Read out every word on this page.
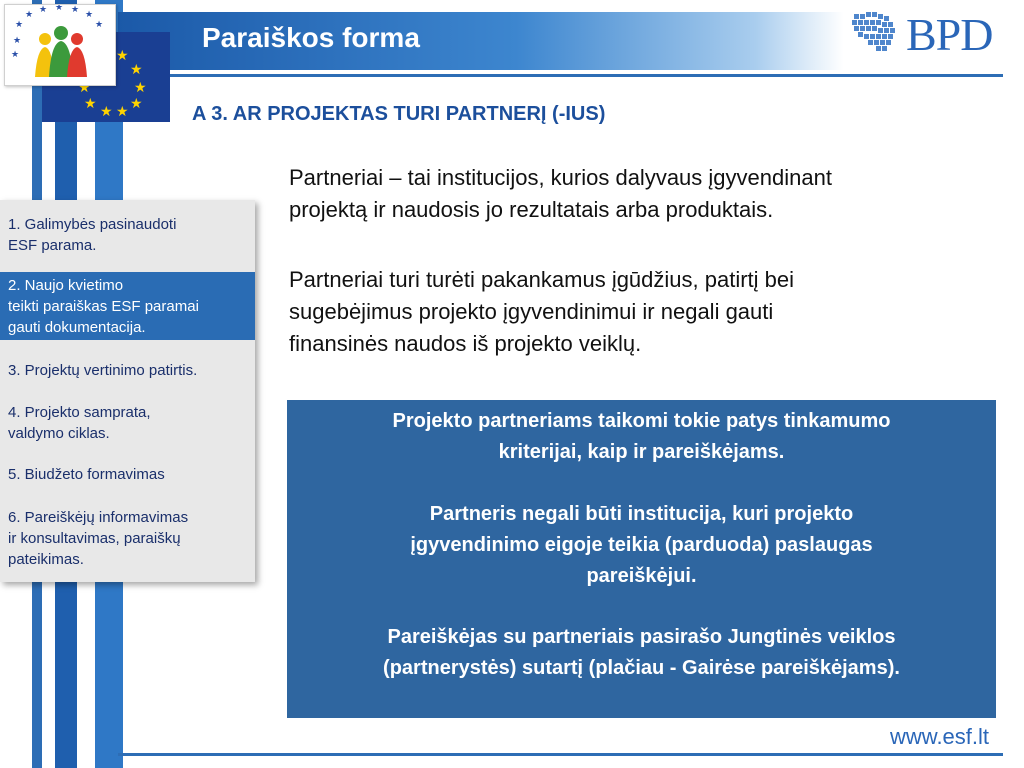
Paraiškos forma
★
★
★
★
★
★
★
★
★ ★ ★ ★ ★
★
★
★	BPD
A 3. AR PROJEKTAS TURI PARTNERĮ (-IUS)
1. Galimybės pasinaudoti
ESF parama.
2. Naujo kvietimo
teikti paraiškas ESF paramai
gauti dokumentacija.
3. Projektų vertinimo patirtis.
4. Projekto samprata,
valdymo ciklas.
5. Biudžeto formavimas
6. Pareiškėjų informavimas
ir konsultavimas, paraiškų
pateikimas.
Partneriai – tai institucijos, kurios dalyvaus įgyvendinant
projektą ir naudosis jo rezultatais arba produktais.
Partneriai turi turėti pakankamus įgūdžius, patirtį bei
sugebėjimus projekto įgyvendinimui ir negali gauti
finansinės naudos iš projekto veiklų.
Projekto partneriams taikomi tokie patys tinkamumo
kriterijai, kaip ir pareiškėjams.
Partneris negali būti institucija, kuri projekto
įgyvendinimo eigoje teikia (parduoda) paslaugas
pareiškėjui.
Pareiškėjas su partneriais pasirašo Jungtinės veiklos
(partnerystės) sutartį (plačiau - Gairėse pareiškėjams).
www.esf.lt
